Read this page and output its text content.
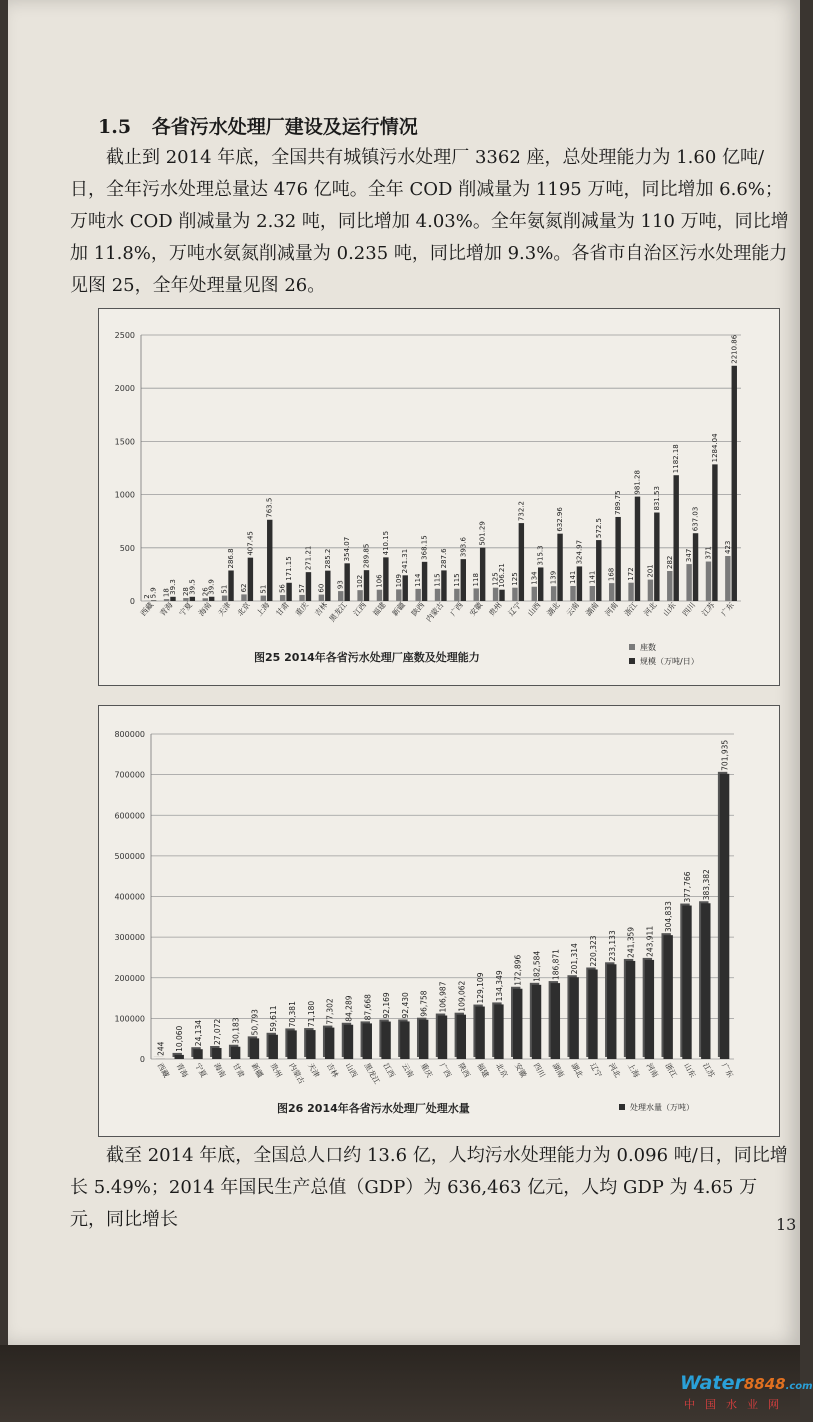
1.5 各省污水处理厂建设及运行情况
截止到 2014 年底，全国共有城镇污水处理厂 3362 座，总处理能力为 1.60 亿吨/日，全年污水处理总量达 476 亿吨。全年 COD 削减量为 1195 万吨，同比增加 6.6%；万吨水 COD 削减量为 2.32 吨，同比增加 4.03%。全年氨氮削减量为 110 万吨，同比增加 11.8%，万吨水氨氮削减量为 0.235 吨，同比增加 9.3%。各省市自治区污水处理能力见图 25，全年处理量见图 26。
0
500
1000
1500
2000
2500
2
5.9
西藏
18
39.3
青海
28
39.5
宁夏
26
39.9
海南
51
286.8
天津
62
407.45
北京
51
763.5
上海
56
171.15
甘肃
57
271.21
重庆
60
285.2
吉林
93
354.07
黑龙江
102
289.85
江西
106
410.15
福建
109
241.31
新疆
114
368.15
陕西
115
287.6
内蒙古
115
393.6
广西
118
501.29
安徽
125
106.21
贵州
125
732.2
辽宁
134
315.3
山西
139
632.96
湖北
141
324.97
云南
141
572.5
湖南
168
789.75
河南
172
981.28
浙江
201
831.53
河北
282
1182.18
山东
347
637.03
四川
371
1284.04
江苏
423
2210.86
广东
图25 2014年各省污水处理厂座数及处理能力
座数
规模（万吨/日）
0
100000
200000
300000
400000
500000
600000
700000
800000
244
西藏
10,060
青海
24,134
宁夏
27,072
海南
30,183
甘肃
50,793
新疆
59,611
贵州
70,381
内蒙古
71,180
天津
77,302
吉林
84,289
山西
87,668
黑龙江
92,169
江西
92,430
云南
96,758
重庆
106,987
广西
109,062
陕西
129,109
福建
134,349
北京
172,896
安徽
182,584
四川
186,871
湖南
201,314
湖北
220,323
辽宁
233,133
河北
241,359
上海
243,911
河南
304,833
浙江
377,766
山东
383,382
江苏
701,935
广东
图26 2014年各省污水处理厂处理水量	处理水量（万吨）
截至 2014 年底，全国总人口约 13.6 亿，人均污水处理能力为 0.096 吨/日，同比增长 5.49%；2014 年国民生产总值（GDP）为 636,463 亿元，人均 GDP 为 4.65 万元，同比增长	13
Water8848.com
中国水业网
